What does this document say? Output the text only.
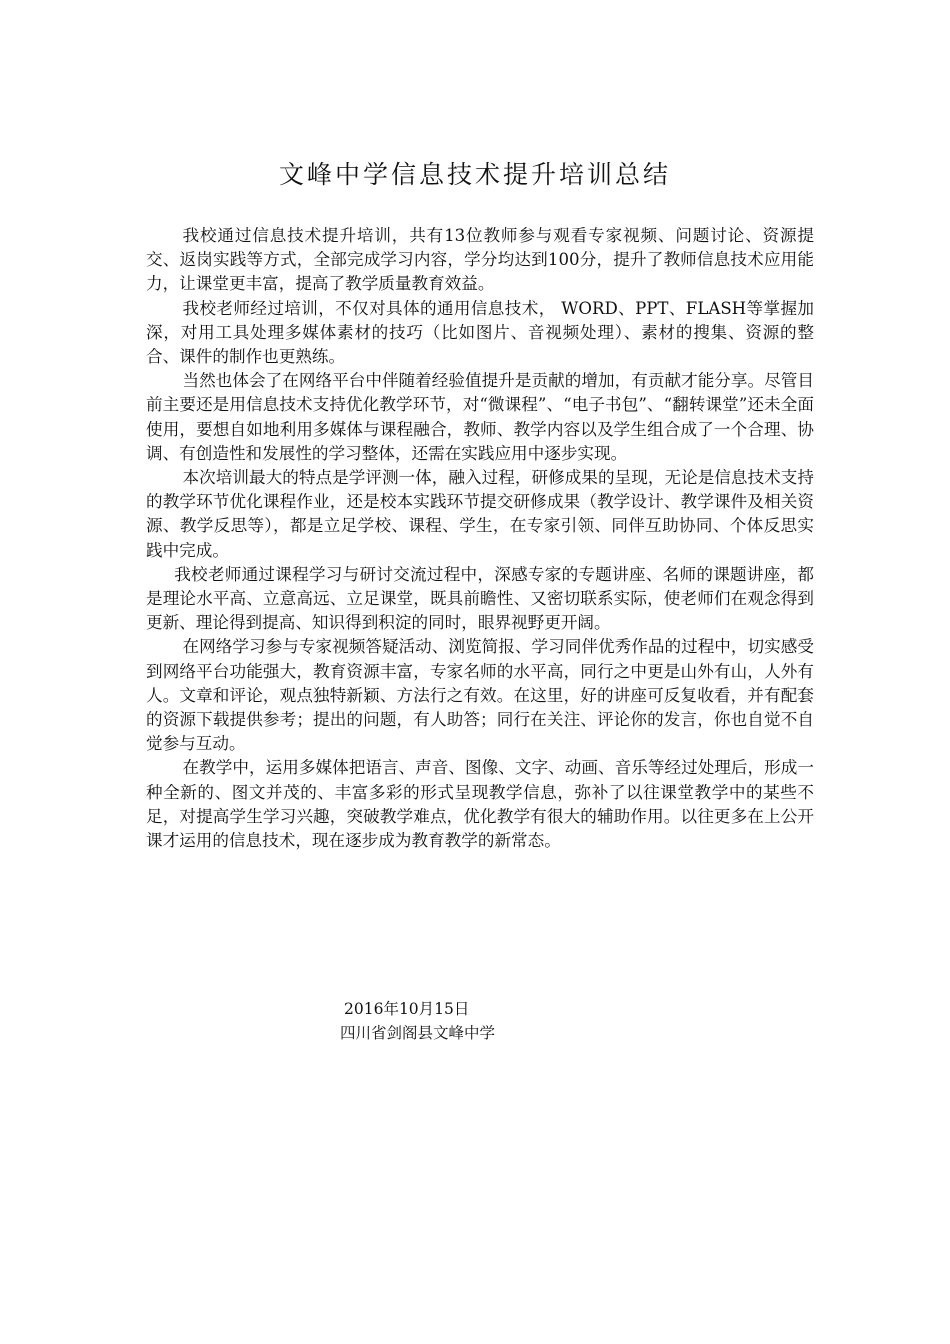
文峰中学信息技术提升培训总结

我校通过信息技术提升培训，共有13位教师参与观看专家视频、问题讨论、资源提交、返岗实践等方式，全部完成学习内容，学分均达到100分，提升了教师信息技术应用能力，让课堂更丰富，提高了教学质量教育效益。

我校老师经过培训，不仅对具体的通用信息技术， WORD、PPT、FLASH等掌握加深，对用工具处理多媒体素材的技巧（比如图片、音视频处理）、素材的搜集、资源的整合、课件的制作也更熟练。

当然也体会了在网络平台中伴随着经验值提升是贡献的增加，有贡献才能分享。尽管目前主要还是用信息技术支持优化教学环节，对“微课程”、“电子书包”、“翻转课堂”还未全面使用，要想自如地利用多媒体与课程融合，教师、教学内容以及学生组合成了一个合理、协调、有创造性和发展性的学习整体，还需在实践应用中逐步实现。

本次培训最大的特点是学评测一体，融入过程，研修成果的呈现，无论是信息技术支持的教学环节优化课程作业，还是校本实践环节提交研修成果（教学设计、教学课件及相关资源、教学反思等），都是立足学校、课程、学生，在专家引领、同伴互助协同、个体反思实践中完成。

我校老师通过课程学习与研讨交流过程中，深感专家的专题讲座、名师的课题讲座，都是理论水平高、立意高远、立足课堂，既具前瞻性、又密切联系实际，使老师们在观念得到更新、理论得到提高、知识得到积淀的同时，眼界视野更开阔。

在网络学习参与专家视频答疑活动、浏览简报、学习同伴优秀作品的过程中，切实感受到网络平台功能强大，教育资源丰富，专家名师的水平高，同行之中更是山外有山，人外有人。文章和评论，观点独特新颖、方法行之有效。在这里，好的讲座可反复收看，并有配套的资源下载提供参考；提出的问题，有人助答；同行在关注、评论你的发言，你也自觉不自觉参与互动。

在教学中，运用多媒体把语言、声音、图像、文字、动画、音乐等经过处理后，形成一种全新的、图文并茂的、丰富多彩的形式呈现教学信息，弥补了以往课堂教学中的某些不足，对提高学生学习兴趣，突破教学难点，优化教学有很大的辅助作用。以往更多在上公开课才运用的信息技术，现在逐步成为教育教学的新常态。

2016年10月15日
四川省剑阁县文峰中学
